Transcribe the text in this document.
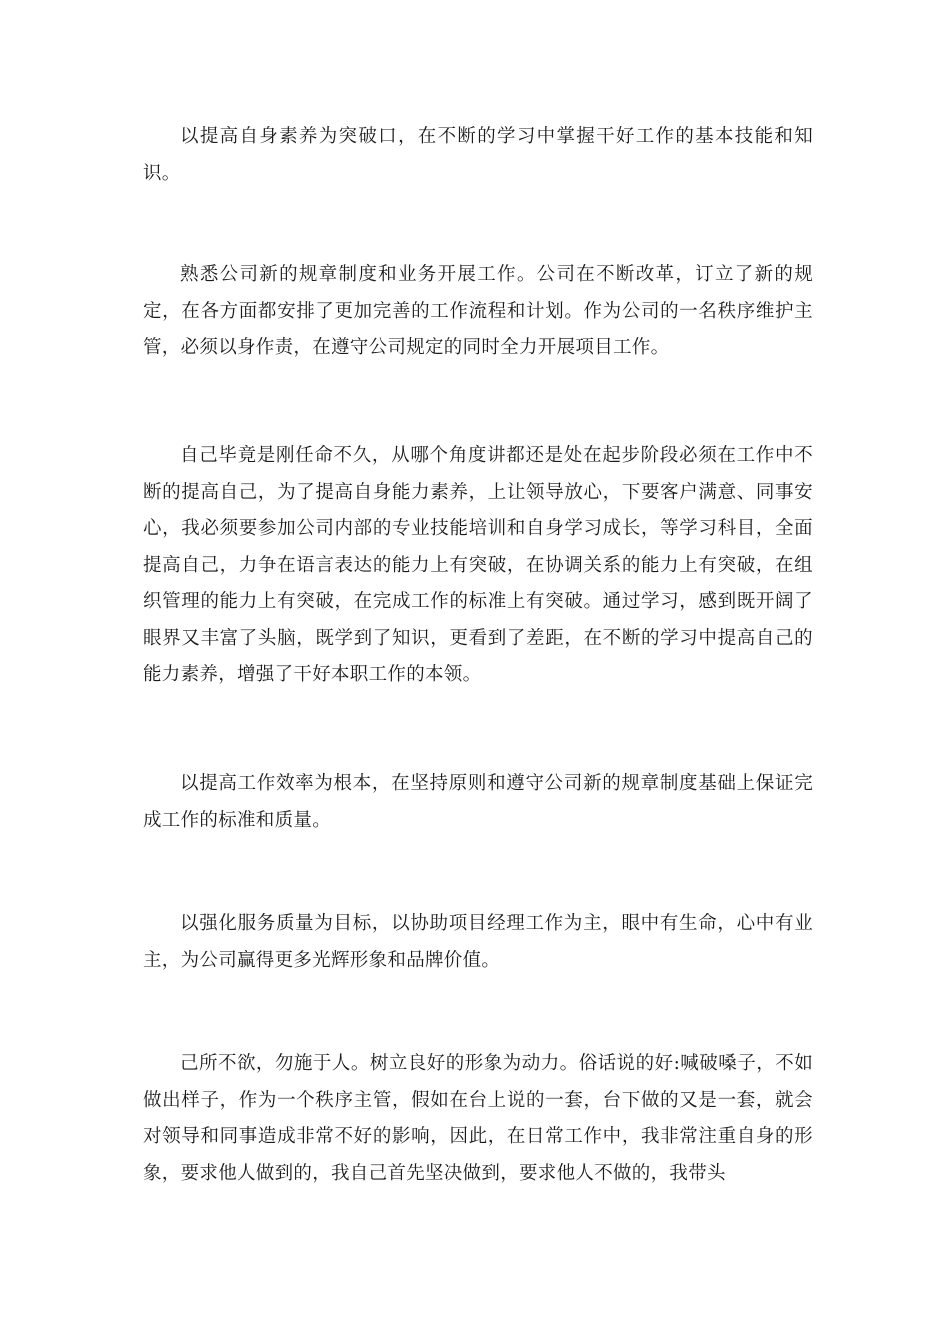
以提高自身素养为突破口，在不断的学习中掌握干好工作的基本技能和知识。

熟悉公司新的规章制度和业务开展工作。公司在不断改革，订立了新的规定，在各方面都安排了更加完善的工作流程和计划。作为公司的一名秩序维护主管，必须以身作责，在遵守公司规定的同时全力开展项目工作。

自己毕竟是刚任命不久，从哪个角度讲都还是处在起步阶段必须在工作中不断的提高自己，为了提高自身能力素养，上让领导放心，下要客户满意、同事安心，我必须要参加公司内部的专业技能培训和自身学习成长，等学习科目，全面提高自己，力争在语言表达的能力上有突破，在协调关系的能力上有突破，在组织管理的能力上有突破，在完成工作的标准上有突破。通过学习，感到既开阔了眼界又丰富了头脑，既学到了知识，更看到了差距，在不断的学习中提高自己的能力素养，增强了干好本职工作的本领。

以提高工作效率为根本，在坚持原则和遵守公司新的规章制度基础上保证完成工作的标准和质量。

以强化服务质量为目标，以协助项目经理工作为主，眼中有生命，心中有业主，为公司赢得更多光辉形象和品牌价值。

己所不欲，勿施于人。树立良好的形象为动力。俗话说的好:喊破嗓子，不如做出样子，作为一个秩序主管，假如在台上说的一套，台下做的又是一套，就会对领导和同事造成非常不好的影响，因此，在日常工作中，我非常注重自身的形象，要求他人做到的，我自己首先坚决做到，要求他人不做的，我带头
